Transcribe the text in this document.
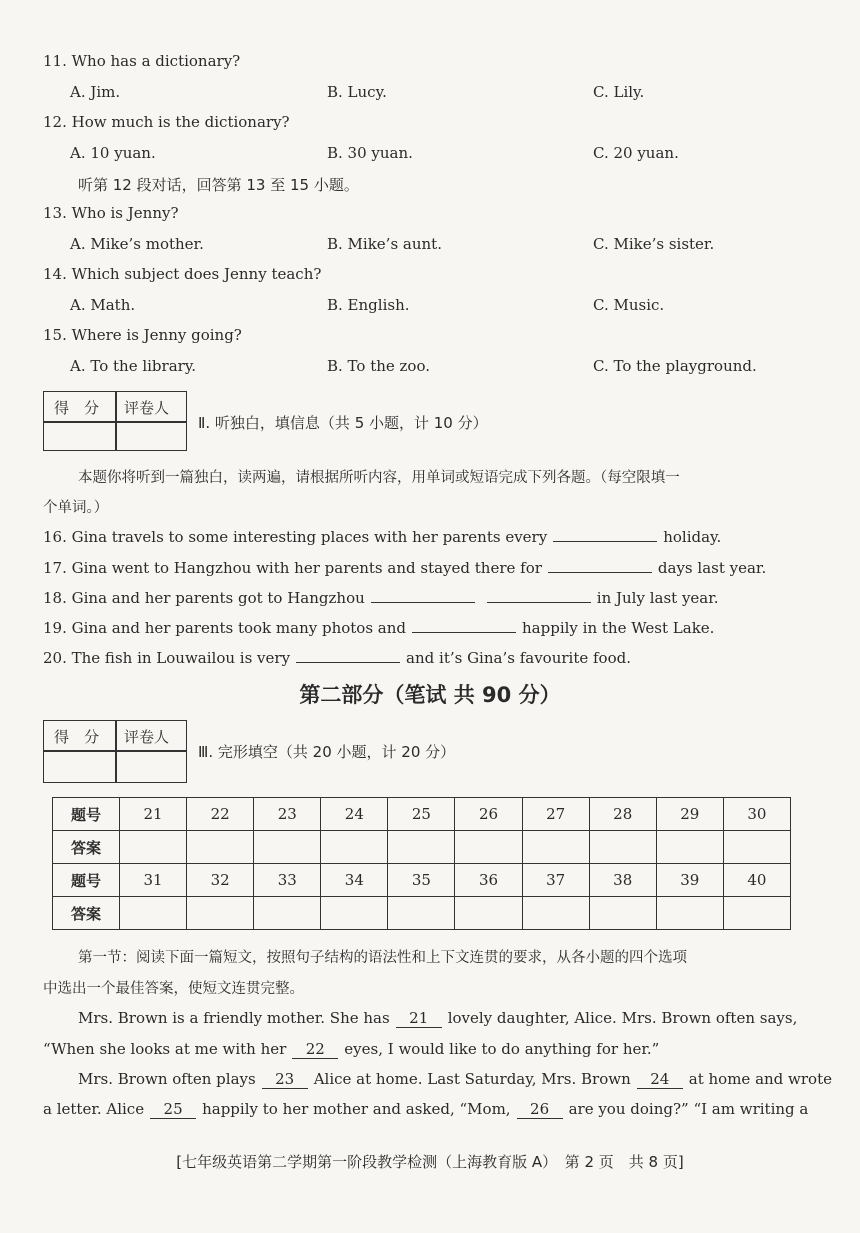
11. Who has a dictionary?
A. Jim.	B. Lucy.	C. Lily.
12. How much is the dictionary?
A. 10 yuan.	B. 30 yuan.	C. 20 yuan.
听第 12 段对话，回答第 13 至 15 小题。
13. Who is Jenny?
A. Mike’s mother.	B. Mike’s aunt.	C. Mike’s sister.
14. Which subject does Jenny teach?
A. Math.	B. English.	C. Music.
15. Where is Jenny going?
A. To the library.	B. To the zoo.	C. To the playground.
得　分 评卷人
Ⅱ. 听独白，填信息（共 5 小题，计 10 分）
本题你将听到一篇独白，读两遍，请根据所听内容，用单词或短语完成下列各题。（每空限填一
个单词。）
16. Gina travels to some interesting places with her parents every	holiday.
17. Gina went to Hangzhou with her parents and stayed there for	days last year.
18. Gina and her parents got to Hangzhou	in July last year.
19. Gina and her parents took many photos and	happily in the West Lake.
20. The fish in Louwailou is very	and it’s Gina’s favourite food.
第二部分（笔试 共 90 分）
得　分 评卷人
Ⅲ. 完形填空（共 20 小题，计 20 分）
题号	21	22	23	24	25	26	27	28	29	30
答案										
题号	31	32	33	34	35	36	37	38	39	40
答案										
第一节：阅读下面一篇短文，按照句子结构的语法性和上下文连贯的要求，从各小题的四个选项
中选出一个最佳答案，使短文连贯完整。
Mrs. Brown is a friendly mother. She has 21 lovely daughter, Alice. Mrs. Brown often says,
“When she looks at me with her 22 eyes, I would like to do anything for her.”
Mrs. Brown often plays 23 Alice at home. Last Saturday, Mrs. Brown 24 at home and wrote
a letter. Alice 25 happily to her mother and asked, “Mom, 26 are you doing?” “I am writing a
[七年级英语第二学期第一阶段教学检测（上海教育版 A）　第 2 页　共 8 页]
